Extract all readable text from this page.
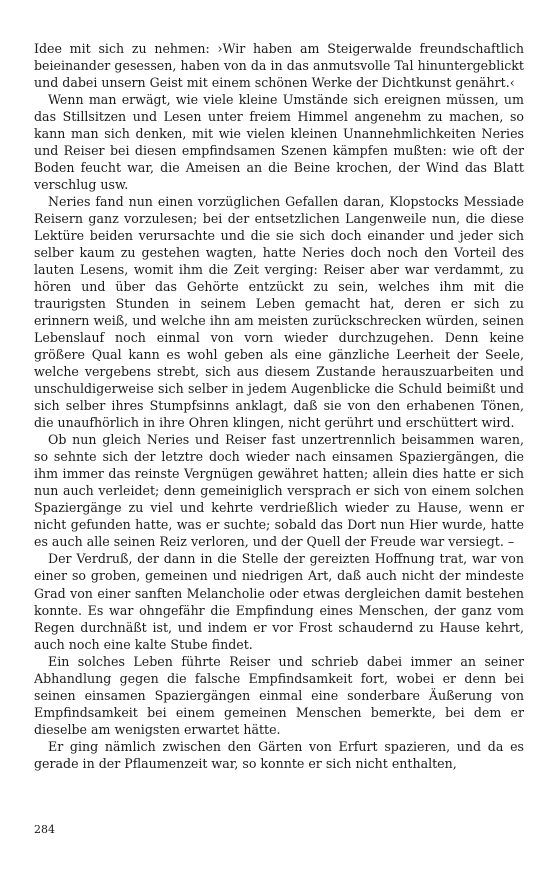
Idee mit sich zu nehmen: ›Wir haben am Steigerwalde freundschaftlich beieinander gesessen, haben von da in das anmutsvolle Tal hinuntergeblickt und dabei unsern Geist mit einem schönen Werke der Dichtkunst genährt.‹

Wenn man erwägt, wie viele kleine Umstände sich ereignen müssen, um das Stillsitzen und Lesen unter freiem Himmel angenehm zu machen, so kann man sich denken, mit wie vielen kleinen Unannehmlichkeiten Neries und Reiser bei diesen empfindsamen Szenen kämpfen mußten: wie oft der Boden feucht war, die Ameisen an die Beine krochen, der Wind das Blatt verschlug usw.

Neries fand nun einen vorzüglichen Gefallen daran, Klopstocks Messiade Reisern ganz vorzulesen; bei der entsetzlichen Langenweile nun, die diese Lektüre beiden verursachte und die sie sich doch einander und jeder sich selber kaum zu gestehen wagten, hatte Neries doch noch den Vorteil des lauten Lesens, womit ihm die Zeit verging: Reiser aber war verdammt, zu hören und über das Gehörte entzückt zu sein, welches ihm mit die traurigsten Stunden in seinem Leben gemacht hat, deren er sich zu erinnern weiß, und welche ihn am meisten zurückschrecken würden, seinen Lebenslauf noch einmal von vorn wieder durchzugehen. Denn keine größere Qual kann es wohl geben als eine gänzliche Leerheit der Seele, welche vergebens strebt, sich aus diesem Zustande herauszuarbeiten und unschuldigerweise sich selber in jedem Augenblicke die Schuld beimißt und sich selber ihres Stumpfsinns anklagt, daß sie von den erhabenen Tönen, die unaufhörlich in ihre Ohren klingen, nicht gerührt und erschüttert wird.

Ob nun gleich Neries und Reiser fast unzertrennlich beisammen waren, so sehnte sich der letztre doch wieder nach einsamen Spaziergängen, die ihm immer das reinste Vergnügen gewähret hatten; allein dies hatte er sich nun auch verleidet; denn gemeiniglich versprach er sich von einem solchen Spaziergänge zu viel und kehrte verdrießlich wieder zu Hause, wenn er nicht gefunden hatte, was er suchte; sobald das Dort nun Hier wurde, hatte es auch alle seinen Reiz verloren, und der Quell der Freude war versiegt. –

Der Verdruß, der dann in die Stelle der gereizten Hoffnung trat, war von einer so groben, gemeinen und niedrigen Art, daß auch nicht der mindeste Grad von einer sanften Melancholie oder etwas dergleichen damit bestehen konnte. Es war ohngefähr die Empfindung eines Menschen, der ganz vom Regen durchnäßt ist, und indem er vor Frost schaudernd zu Hause kehrt, auch noch eine kalte Stube findet.

Ein solches Leben führte Reiser und schrieb dabei immer an seiner Abhandlung gegen die falsche Empfindsamkeit fort, wobei er denn bei seinen einsamen Spaziergängen einmal eine sonderbare Äußerung von Empfindsamkeit bei einem gemeinen Menschen bemerkte, bei dem er dieselbe am wenigsten erwartet hätte.

Er ging nämlich zwischen den Gärten von Erfurt spazieren, und da es gerade in der Pflaumenzeit war, so konnte er sich nicht enthalten,

284
